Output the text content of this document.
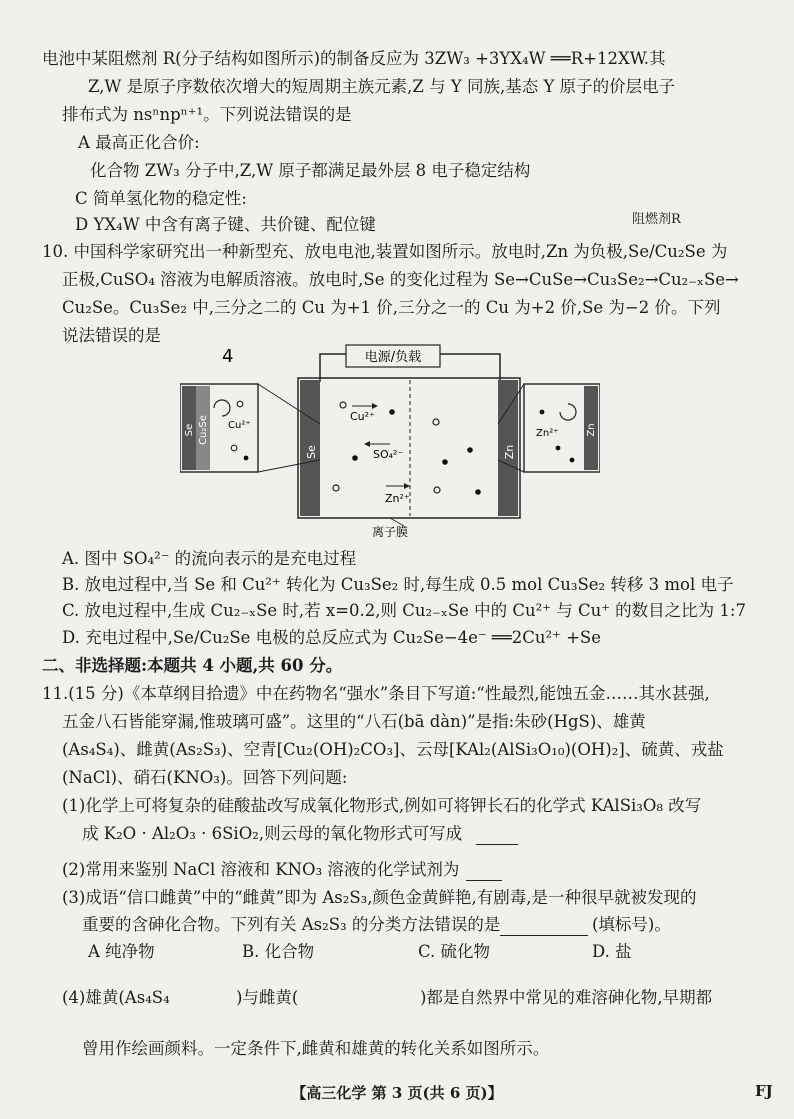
电池中某阻燃剂 R(分子结构如图所示)的制备反应为 3ZW₃ +3YX₄W ══R+12XW.其
Z,W 是原子序数依次增大的短周期主族元素,Z 与 Y 同族,基态 Y 原子的价层电子
排布式为 nsⁿnpⁿ⁺¹。下列说法错误的是
A 最高正化合价:
化合物 ZW₃ 分子中,Z,W 原子都满足最外层 8 电子稳定结构
C 简单氢化物的稳定性:
D YX₄W 中含有离子键、共价键、配位键	阻燃剂R
10. 中国科学家研究出一种新型充、放电电池,装置如图所示。放电时,Zn 为负极,Se/Cu₂Se 为
正极,CuSO₄ 溶液为电解质溶液。放电时,Se 的变化过程为 Se→CuSe→Cu₃Se₂→Cu₂₋ₓSe→
Cu₂Se。Cu₃Se₂ 中,三分之二的 Cu 为+1 价,三分之一的 Cu 为+2 价,Se 为−2 价。下列
说法错误的是
4	电源/负载
Se	Zn
离子膜
Cu²⁺
SO₄²⁻
Zn²⁺
Se Cu₂Se Cu²⁺	Zn
Zn²⁺
A. 图中 SO₄²⁻ 的流向表示的是充电过程
B. 放电过程中,当 Se 和 Cu²⁺ 转化为 Cu₃Se₂ 时,每生成 0.5 mol Cu₃Se₂ 转移 3 mol 电子
C. 放电过程中,生成 Cu₂₋ₓSe 时,若 x=0.2,则 Cu₂₋ₓSe 中的 Cu²⁺ 与 Cu⁺ 的数目之比为 1:7
D. 充电过程中,Se/Cu₂Se 电极的总反应式为 Cu₂Se−4e⁻ ══2Cu²⁺ +Se
二、非选择题:本题共 4 小题,共 60 分。
11.(15 分)《本草纲目拾遗》中在药物名“强水”条目下写道:“性最烈,能蚀五金……其水甚强,
五金八石皆能穿漏,惟玻璃可盛”。这里的“八石(bā dàn)”是指:朱砂(HgS)、雄黄
(As₄S₄)、雌黄(As₂S₃)、空青[Cu₂(OH)₂CO₃]、云母[KAl₂(AlSi₃O₁₀)(OH)₂]、硫黄、戎盐
(NaCl)、硝石(KNO₃)。回答下列问题:
(1)化学上可将复杂的硅酸盐改写成氧化物形式,例如可将钾长石的化学式 KAlSi₃O₈ 改写
成 K₂O · Al₂O₃ · 6SiO₂,则云母的氧化物形式可写成
(2)常用来鉴别 NaCl 溶液和 KNO₃ 溶液的化学试剂为
(3)成语“信口雌黄”中的“雌黄”即为 As₂S₃,颜色金黄鲜艳,有剧毒,是一种很早就被发现的
重要的含砷化合物。下列有关 As₂S₃ 的分类方法错误的是	(填标号)。
A 纯净物	B. 化合物	C. 硫化物	D. 盐
(4)雄黄(As₄S₄	)与雌黄(	)都是自然界中常见的难溶砷化物,早期都
曾用作绘画颜料。一定条件下,雌黄和雄黄的转化关系如图所示。
【高三化学 第 3 页(共 6 页)】	FJ
